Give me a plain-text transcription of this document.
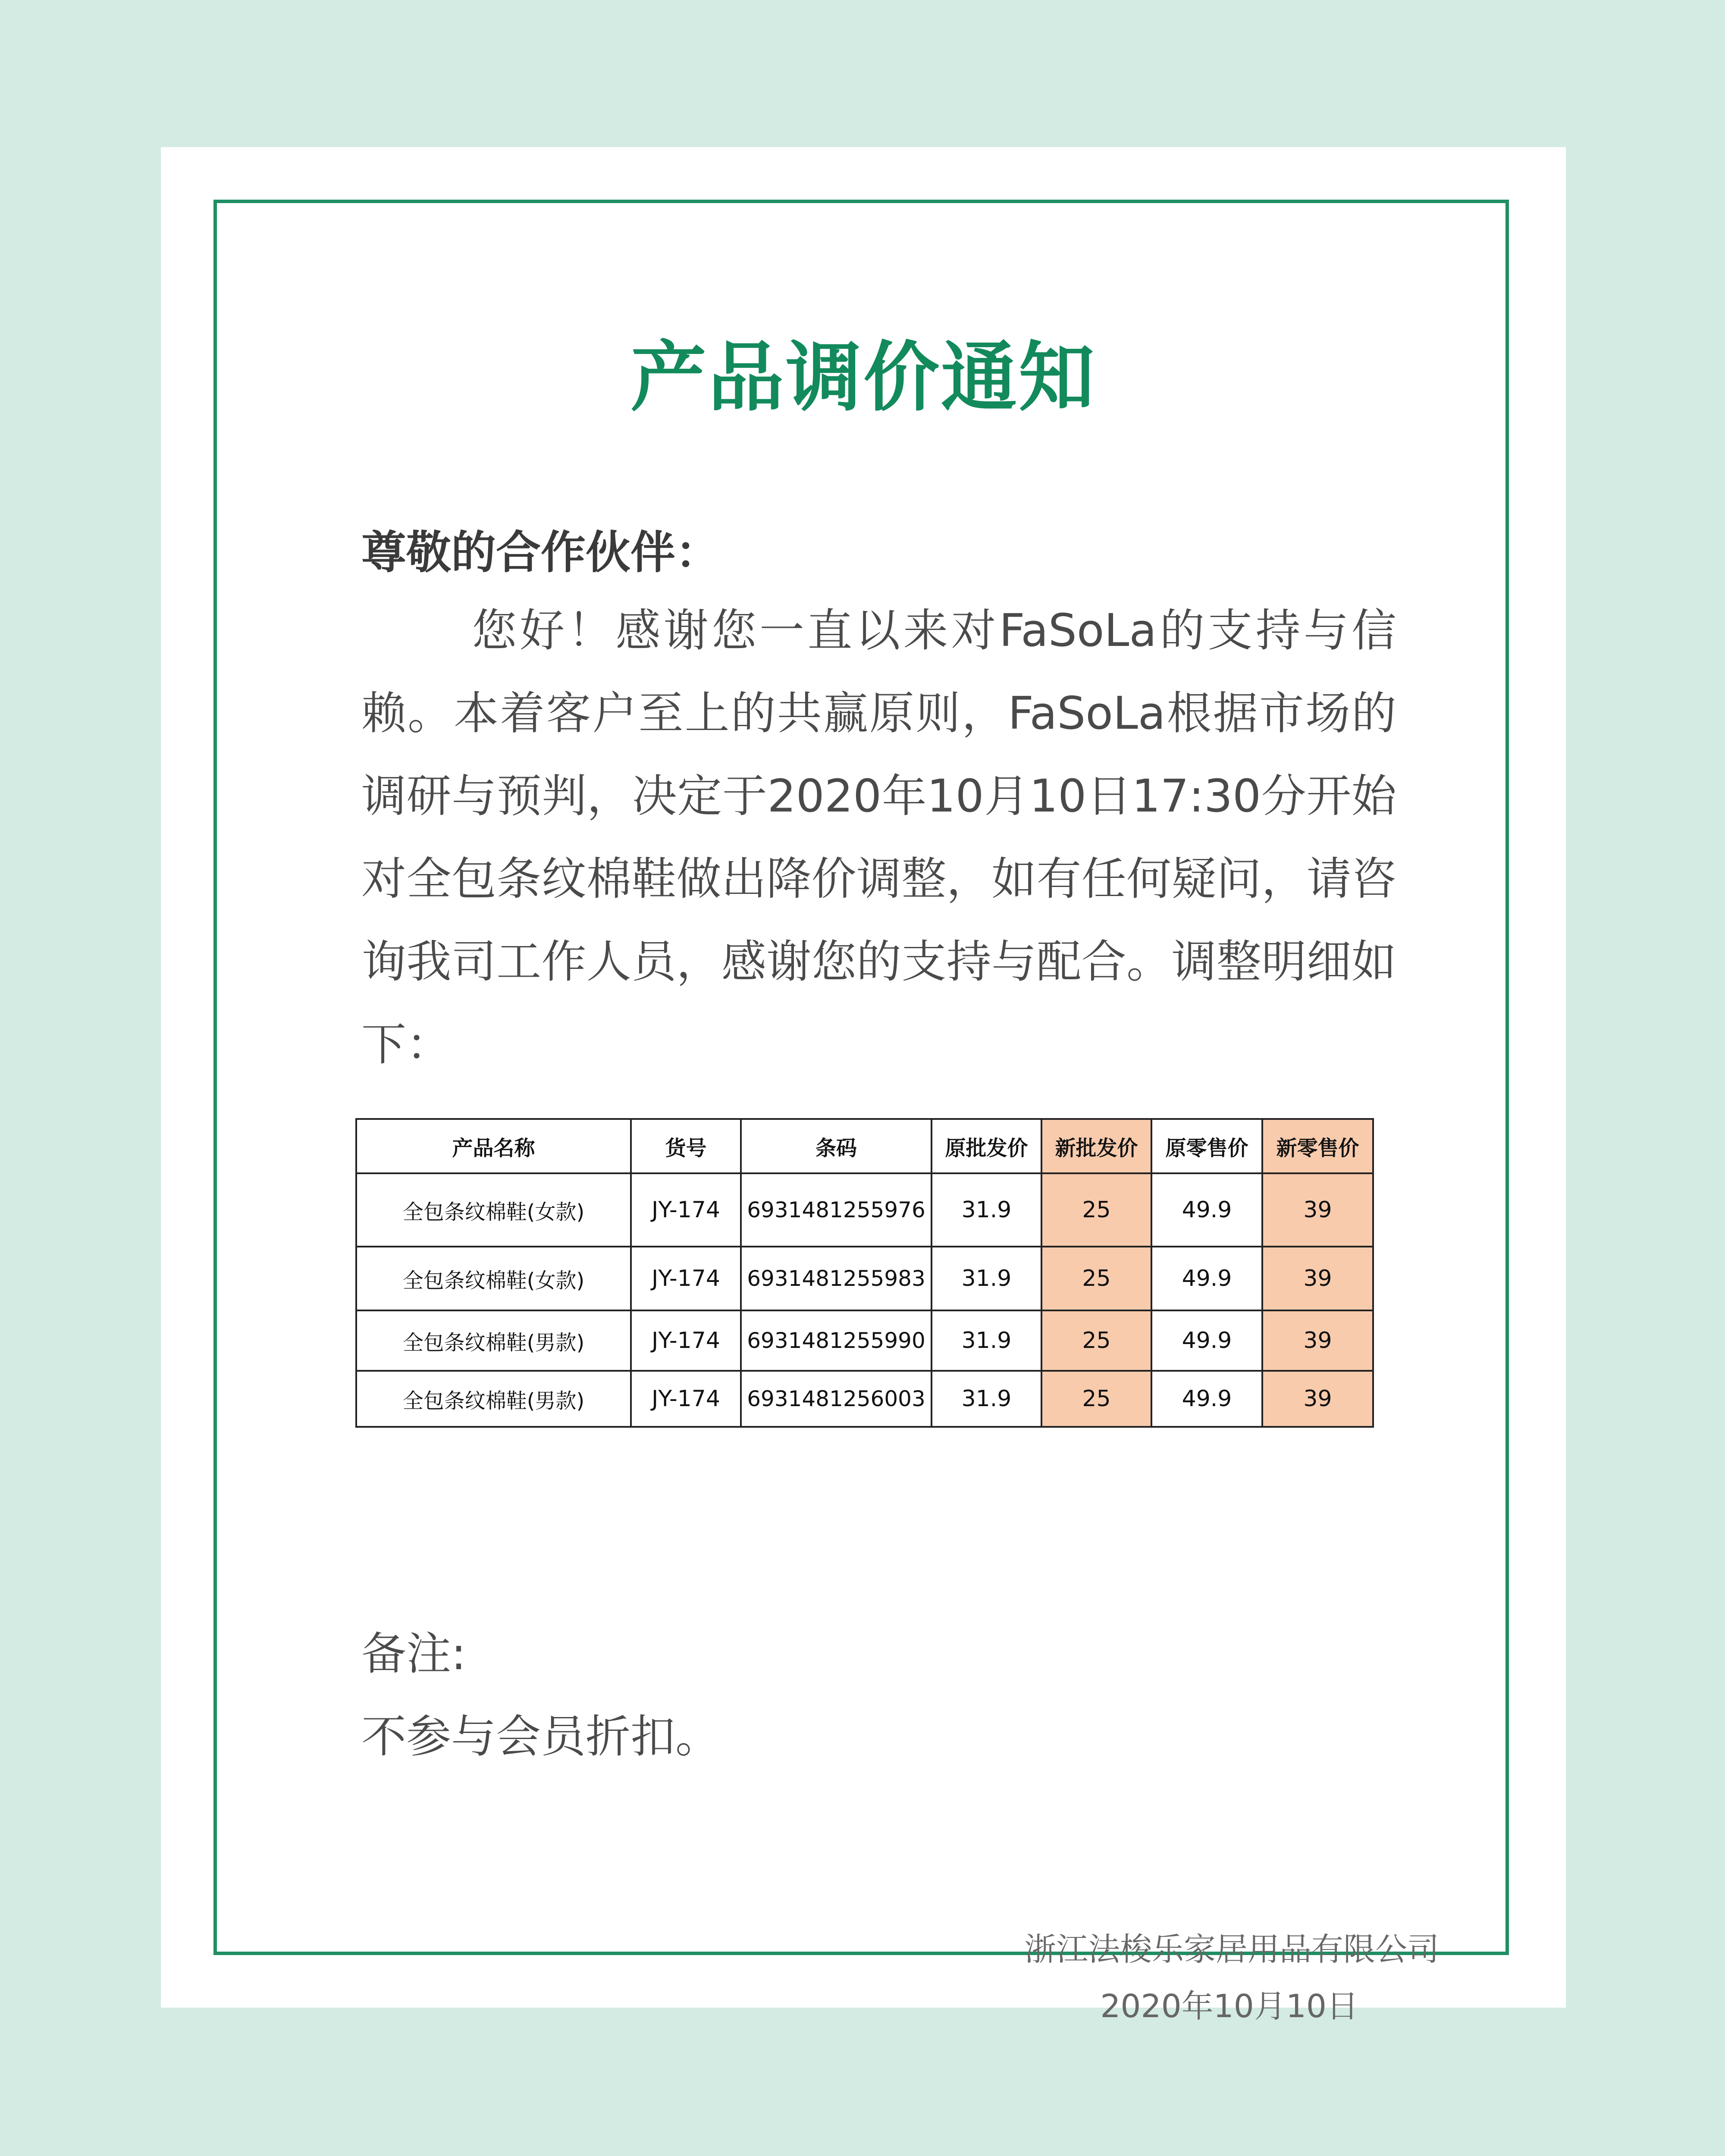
产品调价通知

尊敬的合作伙伴：

您好！感谢您一直以来对FaSoLa的支持与信赖。本着客户至上的共赢原则，FaSoLa根据市场的调研与预判，决定于2020年10月10日17:30分开始对全包条纹棉鞋做出降价调整，如有任何疑问，请咨询我司工作人员，感谢您的支持与配合。调整明细如下：

产品名称	货号	条码	原批发价	新批发价	原零售价	新零售价
全包条纹棉鞋(女款)	JY-174	6931481255976	31.9	25	49.9	39
全包条纹棉鞋(女款)	JY-174	6931481255983	31.9	25	49.9	39
全包条纹棉鞋(男款)	JY-174	6931481255990	31.9	25	49.9	39
全包条纹棉鞋(男款)	JY-174	6931481256003	31.9	25	49.9	39

备注:

不参与会员折扣。

浙江法梭乐家居用品有限公司

2020年10月10日
